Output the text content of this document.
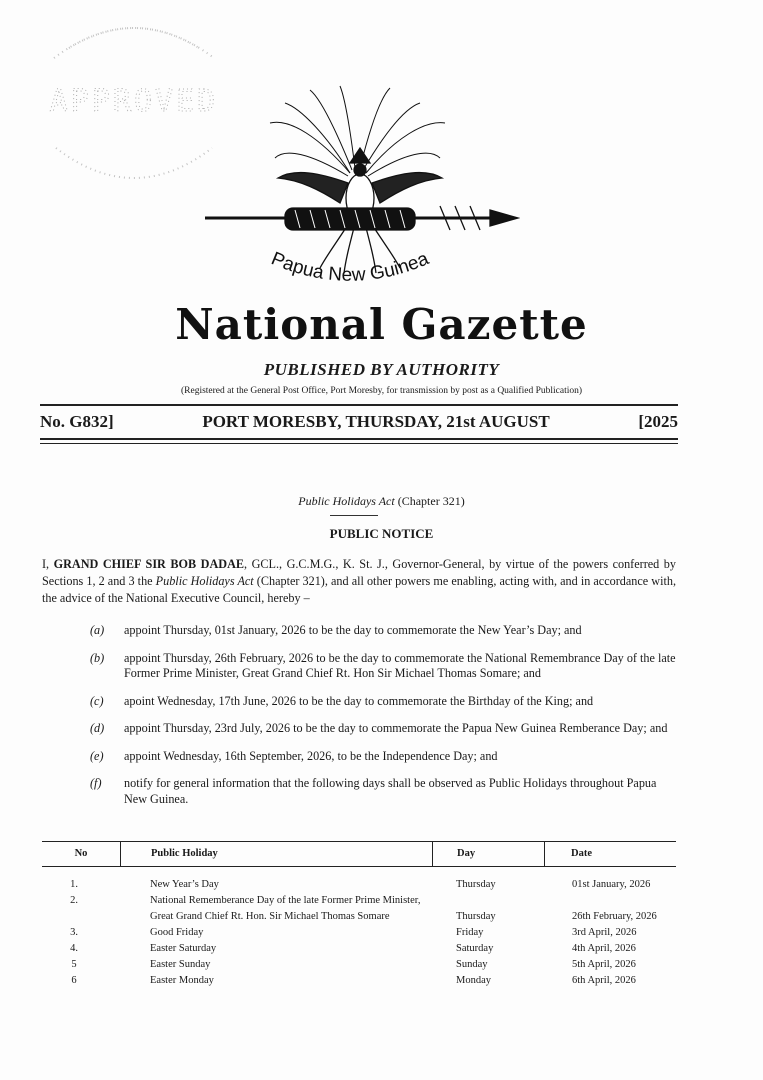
APPROVED
Papua New Guinea
National Gazette
PUBLISHED BY AUTHORITY
(Registered at the General Post Office, Port Moresby, for transmission by post as a Qualified Publication)
No. G832]	PORT MORESBY, THURSDAY, 21st AUGUST	[2025
Public Holidays Act (Chapter 321)
PUBLIC NOTICE
I, GRAND CHIEF SIR BOB DADAE, GCL., G.C.M.G., K. St. J., Governor-General, by virtue of the powers conferred by Sections 1, 2 and 3 the Public Holidays Act (Chapter 321), and all other powers me enabling, acting with, and in accordance with, the advice of the National Executive Council, hereby –
(a)	appoint Thursday, 01st January, 2026 to be the day to commemorate the New Year’s Day; and
(b)	appoint Thursday, 26th February, 2026 to be the day to commemorate the National Remembrance Day of the late Former Prime Minister, Great Grand Chief Rt. Hon Sir Michael Thomas Somare; and
(c)	apoint Wednesday, 17th June, 2026 to be the day to commemorate the Birthday of the King; and
(d)	appoint Thursday, 23rd July, 2026 to be the day to commemorate the Papua New Guinea Remberance Day; and
(e)	appoint Wednesday, 16th September, 2026, to be the Independence Day; and
(f)	notify for general information that the following days shall be observed as Public Holidays throughout Papua New Guinea.
No	Public Holiday	Day	Date
1.	New Year’s Day	Thursday	01st January, 2026
2.	National Rememberance Day of the late Former Prime Minister,
Great Grand Chief Rt. Hon. Sir Michael Thomas Somare	Thursday	26th February, 2026
3.	Good Friday	Friday	3rd April, 2026
4.	Easter Saturday	Saturday	4th April, 2026
5	Easter Sunday	Sunday	5th April, 2026
6	Easter Monday	Monday	6th April, 2026
